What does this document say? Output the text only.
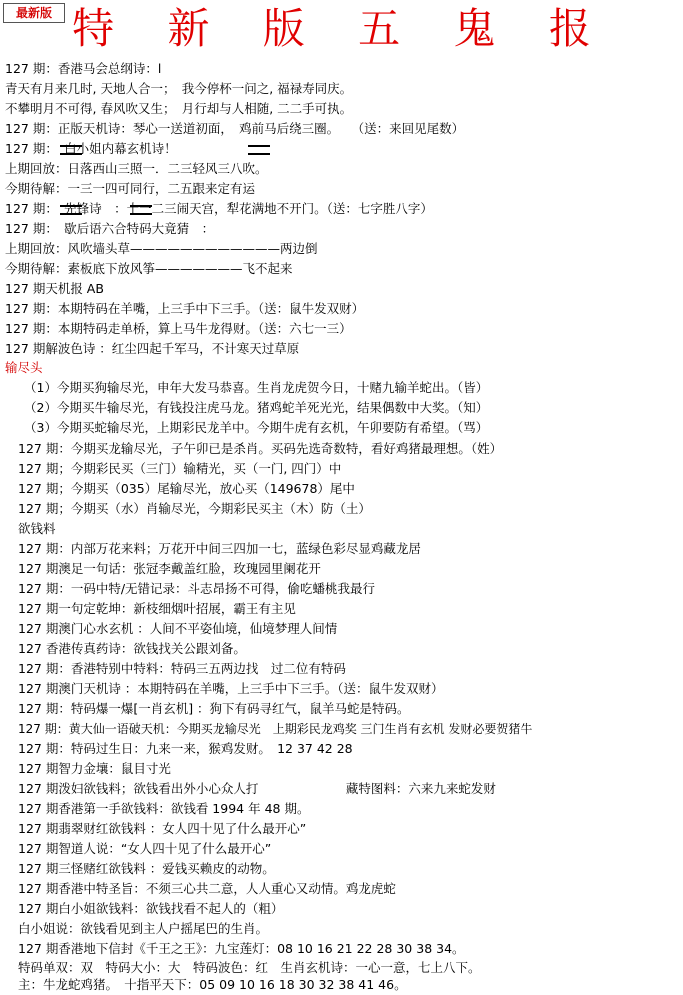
最新版 特 新 版 五 鬼 报
127 期：香港马会总纲诗：l
青天有月来几时, 天地人合一；　我今停杯一问之, 福禄寿同庆。
不攀明月不可得, 春风吹又生；　月行却与人相随, 二二手可执。
127 期：正版天机诗：琴心一送道初面，　鸡前马后绕三圈。　　（送：来回见尾数）
127 期：　白小姐内幕玄机诗！
上期回放：日落西山三照一．二三轻风三八吹。
今期待解：一三一四可同行，二五跟来定有运
127 期：　先锋诗　：十一二三闹天宫，犁花满地不开门。（送：七字胜八字）
127 期：　歇后语六合特码大竟猜　：
上期回放：风吹墙头草————————————两边倒
今期待解：素板底下放风筝———————飞不起来
127 期天机报 AB
127 期：本期特码在羊嘴，上三手中下三手。（送：鼠牛发双财）
127 期：本期特码走单桥，算上马牛龙得财。（送：六七一三）
127 期解波色诗 ：红尘四起千军马，不计寒天过草原
输尽头
（1）今期买狗输尽光，申年大发马恭喜。生肖龙虎贺今日，十赌九输羊蛇出。（皆）
（2）今期买牛输尽光，有钱投注虎马龙。猪鸡蛇羊死光光，结果偶数中大奖。（知）
（3）今期买蛇输尽光，上期彩民龙羊中。今期牛虎有玄机，午卯要防有希望。（骂）
127 期：今期买龙输尽光，子午卯已是杀肖。买码先选奇数特，看好鸡猪最理想。（姓）
127 期；今期彩民买（三门）输精光，买（一门, 四门）中
127 期；今期买（035）尾输尽光，放心买（149678）尾中
127 期；今期买（水）肖输尽光，今期彩民买主（木）防（土）
欲钱料
127 期：内部万花来料；万花开中间三四加一七，蓝绿色彩尽显鸡藏龙居
127 期澳足一句话：张冠李戴盖红脸，玫瑰园里阑花开
127 期：一码中特/无错记录：斗志昂扬不可得，偷吃蟠桃我最行
127 期一句定乾坤：新枝细烟叶招展，霸王有主见
127 期澳门心水玄机 ：人间不平姿仙境，仙境梦理人间情
127 香港传真药诗：欲钱找关公跟刘备。
127 期：香港特别中特料：特码三五两边找　过二位有特码
127 期澳门天机诗 ：本期特码在羊嘴，上三手中下三手。（送：鼠牛发双财）
127 期：特码爆一爆[一肖玄机] ：狗下有码寻红气，鼠羊马蛇是特码。
127 期：黄大仙一语破天机：今期买龙输尽光　上期彩民龙鸡奖 三门生肖有玄机 发财必要贺猪牛
127 期：特码过生日：九来一来，猴鸡发财。　12 37 42 28
127 期智力金壤：鼠目寸光
127 期泼妇欲钱料；欲钱看出外小心众人打　　　　　　　藏特图料：六来九来蛇发财
127 期香港第一手欲钱料：欲钱看 1994 年 48 期。
127 期翡翠财红欲钱料 ：女人四十见了什么最开心”
127 期智道人说：“女人四十见了什么最开心”
127 期三怪赌红欲钱料 ：爱钱买赖皮的动物。
127 期香港中特圣旨：不须三心共二意，人人重心又动情。鸡龙虎蛇
127 期白小姐欲钱料：欲钱找看不起人的（粗）
白小姐说：欲钱看见到主人户摇尾巴的生肖。
127 期香港地下信封《千王之王》：九宝莲灯：08 10 16 21 22 28 30 38 34。
特码单双：双　特码大小：大　特码波色：红　生肖玄机诗：一心一意，七上八下。
主：牛龙蛇鸡猪。　十指平天下：05 09 10 16 18 30 32 38 41 46。
